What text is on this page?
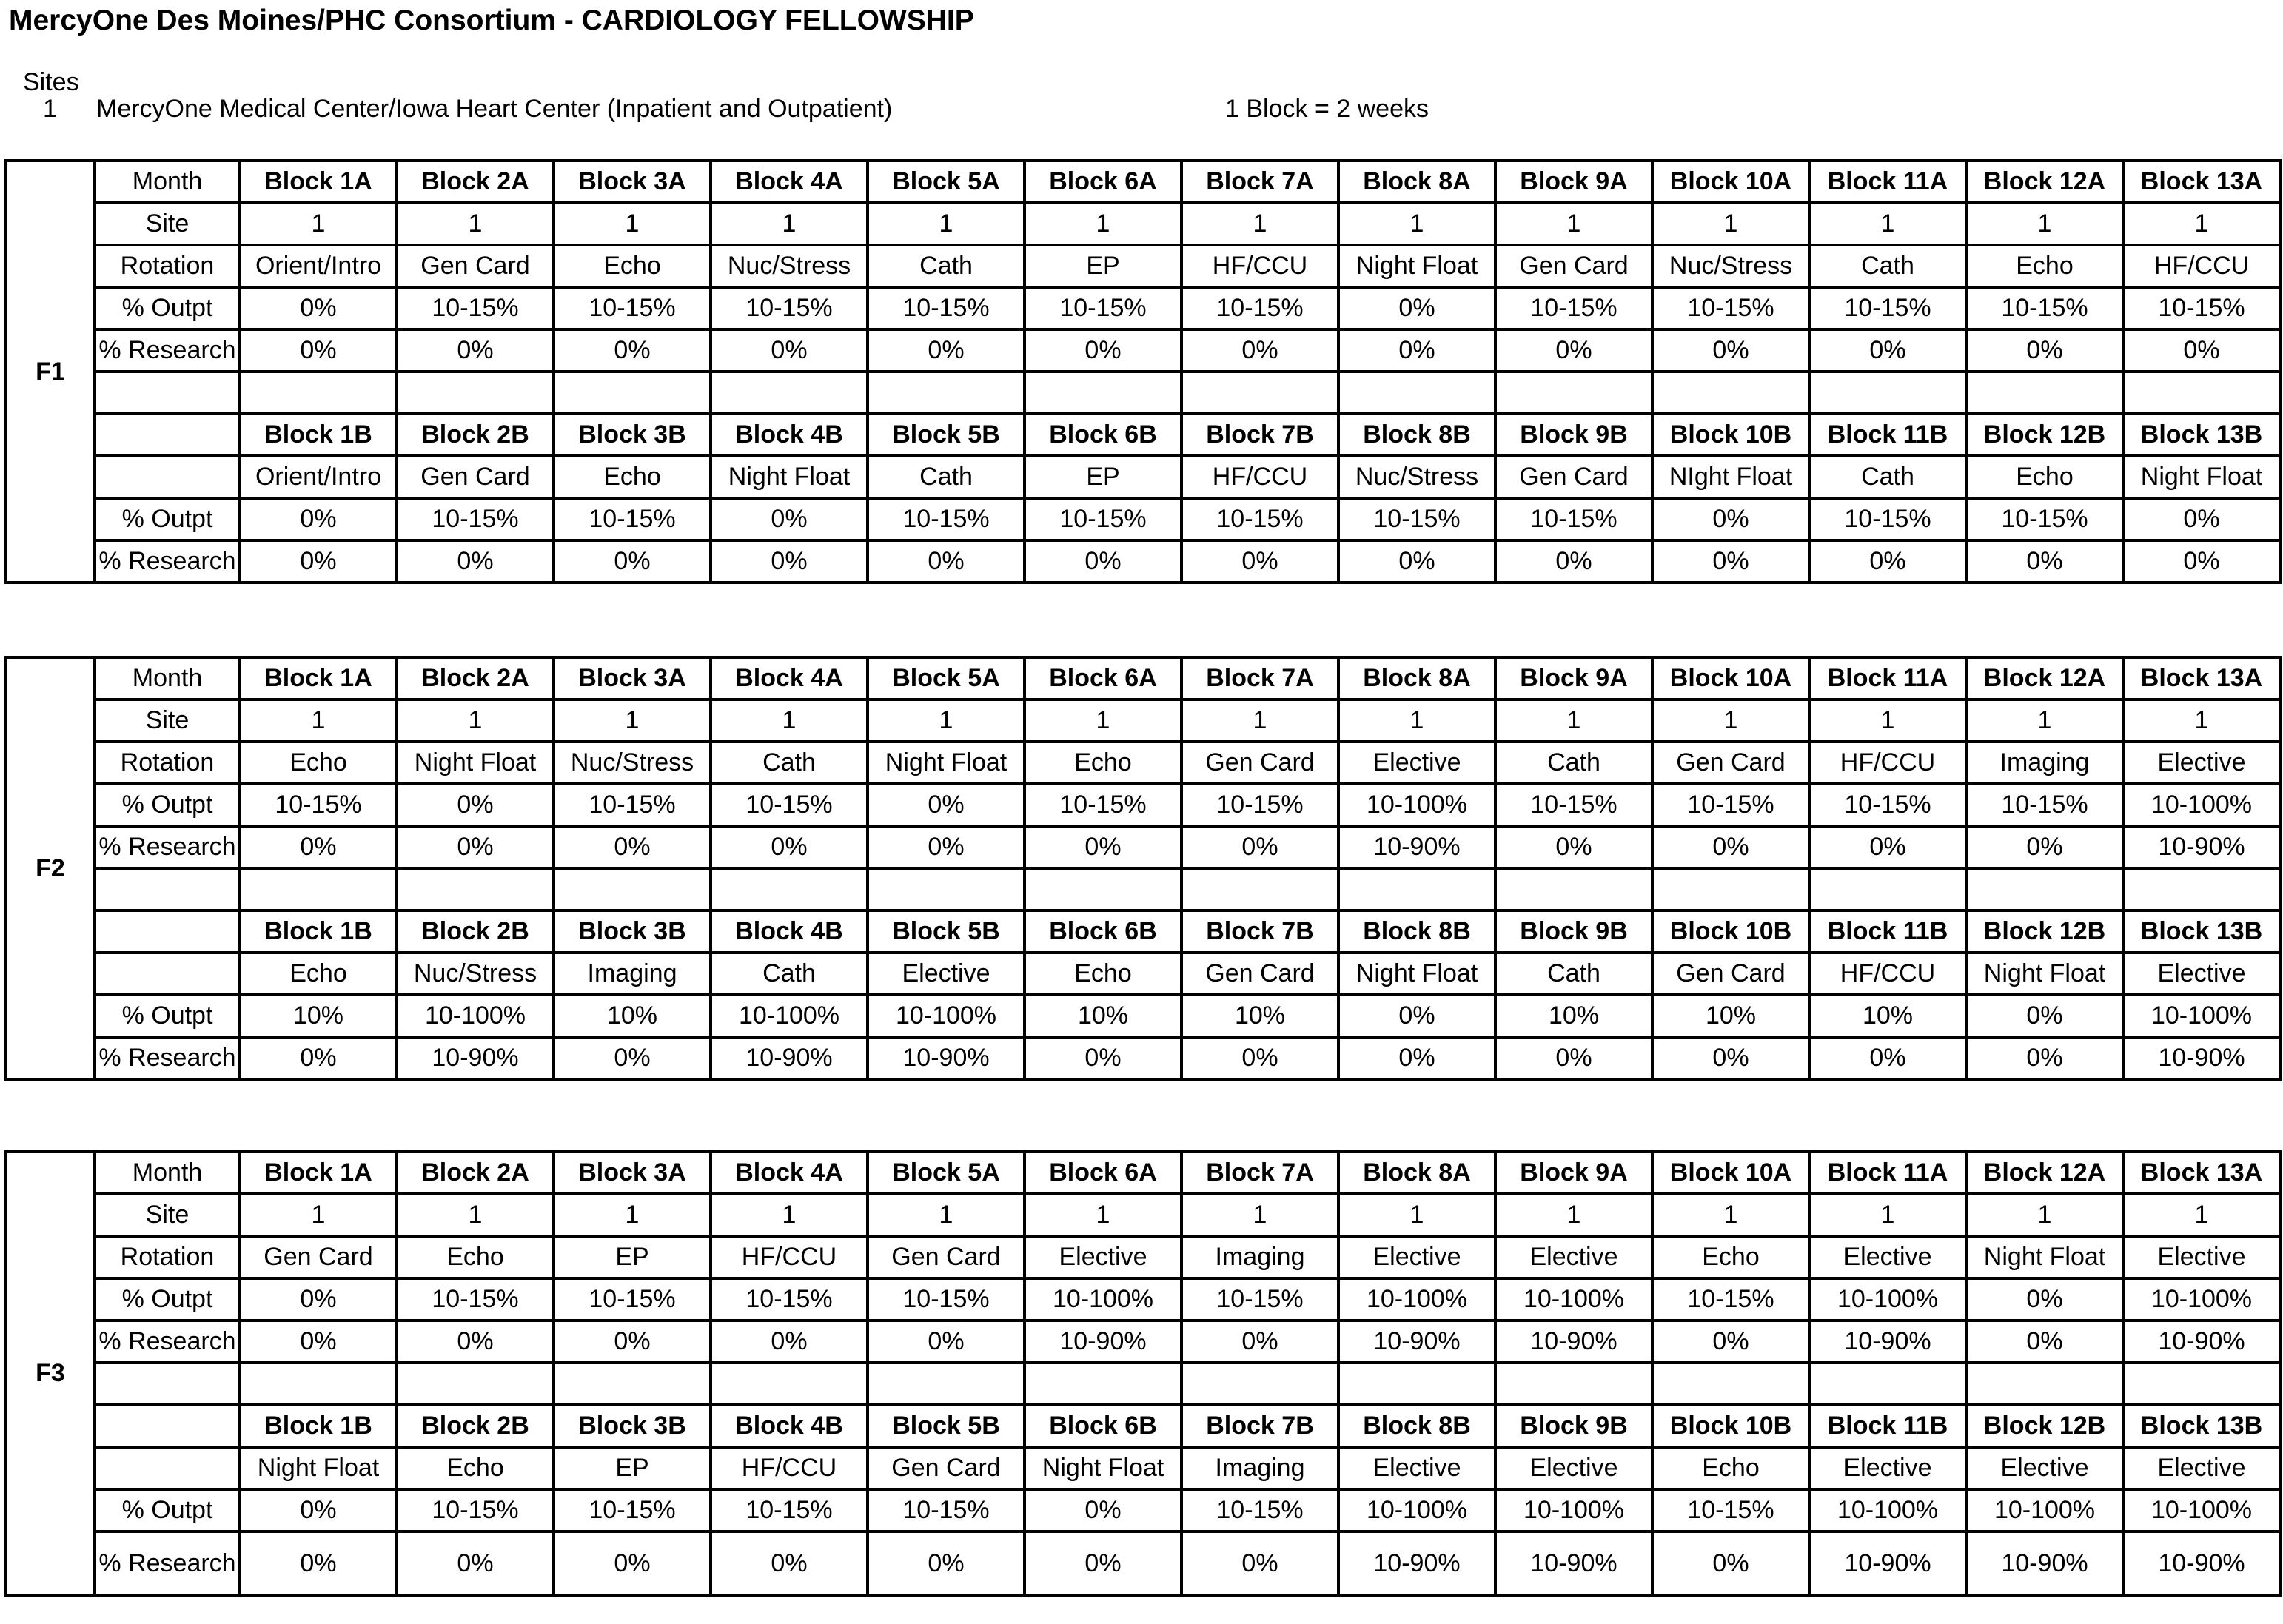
MercyOne Des Moines/PHC Consortium - CARDIOLOGY FELLOWSHIP
Sites
1 MercyOne Medical Center/Iowa Heart Center (Inpatient and Outpatient)	1 Block = 2 weeks
F1	Month	Block 1A	Block 2A	Block 3A	Block 4A	Block 5A	Block 6A	Block 7A	Block 8A	Block 9A	Block 10A	Block 11A	Block 12A	Block 13A
	Site	1	1	1	1	1	1	1	1	1	1	1	1	1
	Rotation	Orient/Intro	Gen Card	Echo	Nuc/Stress	Cath	EP	HF/CCU	Night Float	Gen Card	Nuc/Stress	Cath	Echo	HF/CCU
	% Outpt	0%	10-15%	10-15%	10-15%	10-15%	10-15%	10-15%	0%	10-15%	10-15%	10-15%	10-15%	10-15%
	% Research	0%	0%	0%	0%	0%	0%	0%	0%	0%	0%	0%	0%	0%

		Block 1B	Block 2B	Block 3B	Block 4B	Block 5B	Block 6B	Block 7B	Block 8B	Block 9B	Block 10B	Block 11B	Block 12B	Block 13B
		Orient/Intro	Gen Card	Echo	Night Float	Cath	EP	HF/CCU	Nuc/Stress	Gen Card	NIght Float	Cath	Echo	Night Float
	% Outpt	0%	10-15%	10-15%	0%	10-15%	10-15%	10-15%	10-15%	10-15%	0%	10-15%	10-15%	0%
	% Research	0%	0%	0%	0%	0%	0%	0%	0%	0%	0%	0%	0%	0%
F2	Month	Block 1A	Block 2A	Block 3A	Block 4A	Block 5A	Block 6A	Block 7A	Block 8A	Block 9A	Block 10A	Block 11A	Block 12A	Block 13A
	Site	1	1	1	1	1	1	1	1	1	1	1	1	1
	Rotation	Echo	Night Float	Nuc/Stress	Cath	Night Float	Echo	Gen Card	Elective	Cath	Gen Card	HF/CCU	Imaging	Elective
	% Outpt	10-15%	0%	10-15%	10-15%	0%	10-15%	10-15%	10-100%	10-15%	10-15%	10-15%	10-15%	10-100%
	% Research	0%	0%	0%	0%	0%	0%	0%	10-90%	0%	0%	0%	0%	10-90%

		Block 1B	Block 2B	Block 3B	Block 4B	Block 5B	Block 6B	Block 7B	Block 8B	Block 9B	Block 10B	Block 11B	Block 12B	Block 13B
		Echo	Nuc/Stress	Imaging	Cath	Elective	Echo	Gen Card	Night Float	Cath	Gen Card	HF/CCU	Night Float	Elective
	% Outpt	10%	10-100%	10%	10-100%	10-100%	10%	10%	0%	10%	10%	10%	0%	10-100%
	% Research	0%	10-90%	0%	10-90%	10-90%	0%	0%	0%	0%	0%	0%	0%	10-90%
F3	Month	Block 1A	Block 2A	Block 3A	Block 4A	Block 5A	Block 6A	Block 7A	Block 8A	Block 9A	Block 10A	Block 11A	Block 12A	Block 13A
	Site	1	1	1	1	1	1	1	1	1	1	1	1	1
	Rotation	Gen Card	Echo	EP	HF/CCU	Gen Card	Elective	Imaging	Elective	Elective	Echo	Elective	Night Float	Elective
	% Outpt	0%	10-15%	10-15%	10-15%	10-15%	10-100%	10-15%	10-100%	10-100%	10-15%	10-100%	0%	10-100%
	% Research	0%	0%	0%	0%	0%	10-90%	0%	10-90%	10-90%	0%	10-90%	0%	10-90%

		Block 1B	Block 2B	Block 3B	Block 4B	Block 5B	Block 6B	Block 7B	Block 8B	Block 9B	Block 10B	Block 11B	Block 12B	Block 13B
		Night Float	Echo	EP	HF/CCU	Gen Card	Night Float	Imaging	Elective	Elective	Echo	Elective	Elective	Elective
	% Outpt	0%	10-15%	10-15%	10-15%	10-15%	0%	10-15%	10-100%	10-100%	10-15%	10-100%	10-100%	10-100%
	% Research	0%	0%	0%	0%	0%	0%	0%	10-90%	10-90%	0%	10-90%	10-90%	10-90%
